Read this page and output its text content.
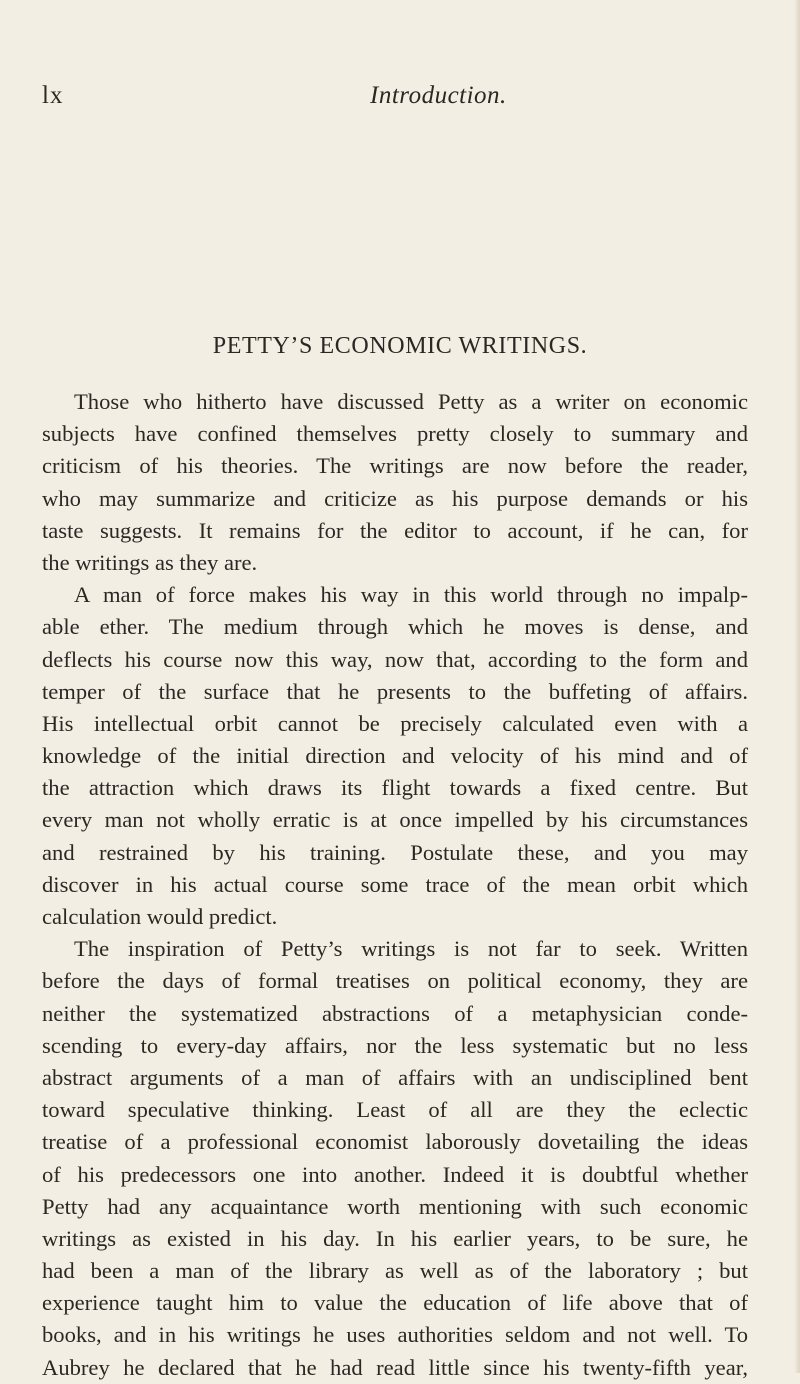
lx	Introduction.
PETTY’S ECONOMIC WRITINGS.
Those who hitherto have discussed Petty as a writer on economic
subjects have confined themselves pretty closely to summary and
criticism of his theories. The writings are now before the reader,
who may summarize and criticize as his purpose demands or his
taste suggests. It remains for the editor to account, if he can, for
the writings as they are.
A man of force makes his way in this world through no impalp-
able ether. The medium through which he moves is dense, and
deflects his course now this way, now that, according to the form and
temper of the surface that he presents to the buffeting of affairs.
His intellectual orbit cannot be precisely calculated even with a
knowledge of the initial direction and velocity of his mind and of
the attraction which draws its flight towards a fixed centre. But
every man not wholly erratic is at once impelled by his circumstances
and restrained by his training. Postulate these, and you may
discover in his actual course some trace of the mean orbit which
calculation would predict.
The inspiration of Petty’s writings is not far to seek. Written
before the days of formal treatises on political economy, they are
neither the systematized abstractions of a metaphysician conde-
scending to every-day affairs, nor the less systematic but no less
abstract arguments of a man of affairs with an undisciplined bent
toward speculative thinking. Least of all are they the eclectic
treatise of a professional economist laborously dovetailing the ideas
of his predecessors one into another. Indeed it is doubtful whether
Petty had any acquaintance worth mentioning with such economic
writings as existed in his day. In his earlier years, to be sure, he
had been a man of the library as well as of the laboratory ; but
experience taught him to value the education of life above that of
books, and in his writings he uses authorities seldom and not well. To
Aubrey he declared that he had read little since his twenty-fifth year,
